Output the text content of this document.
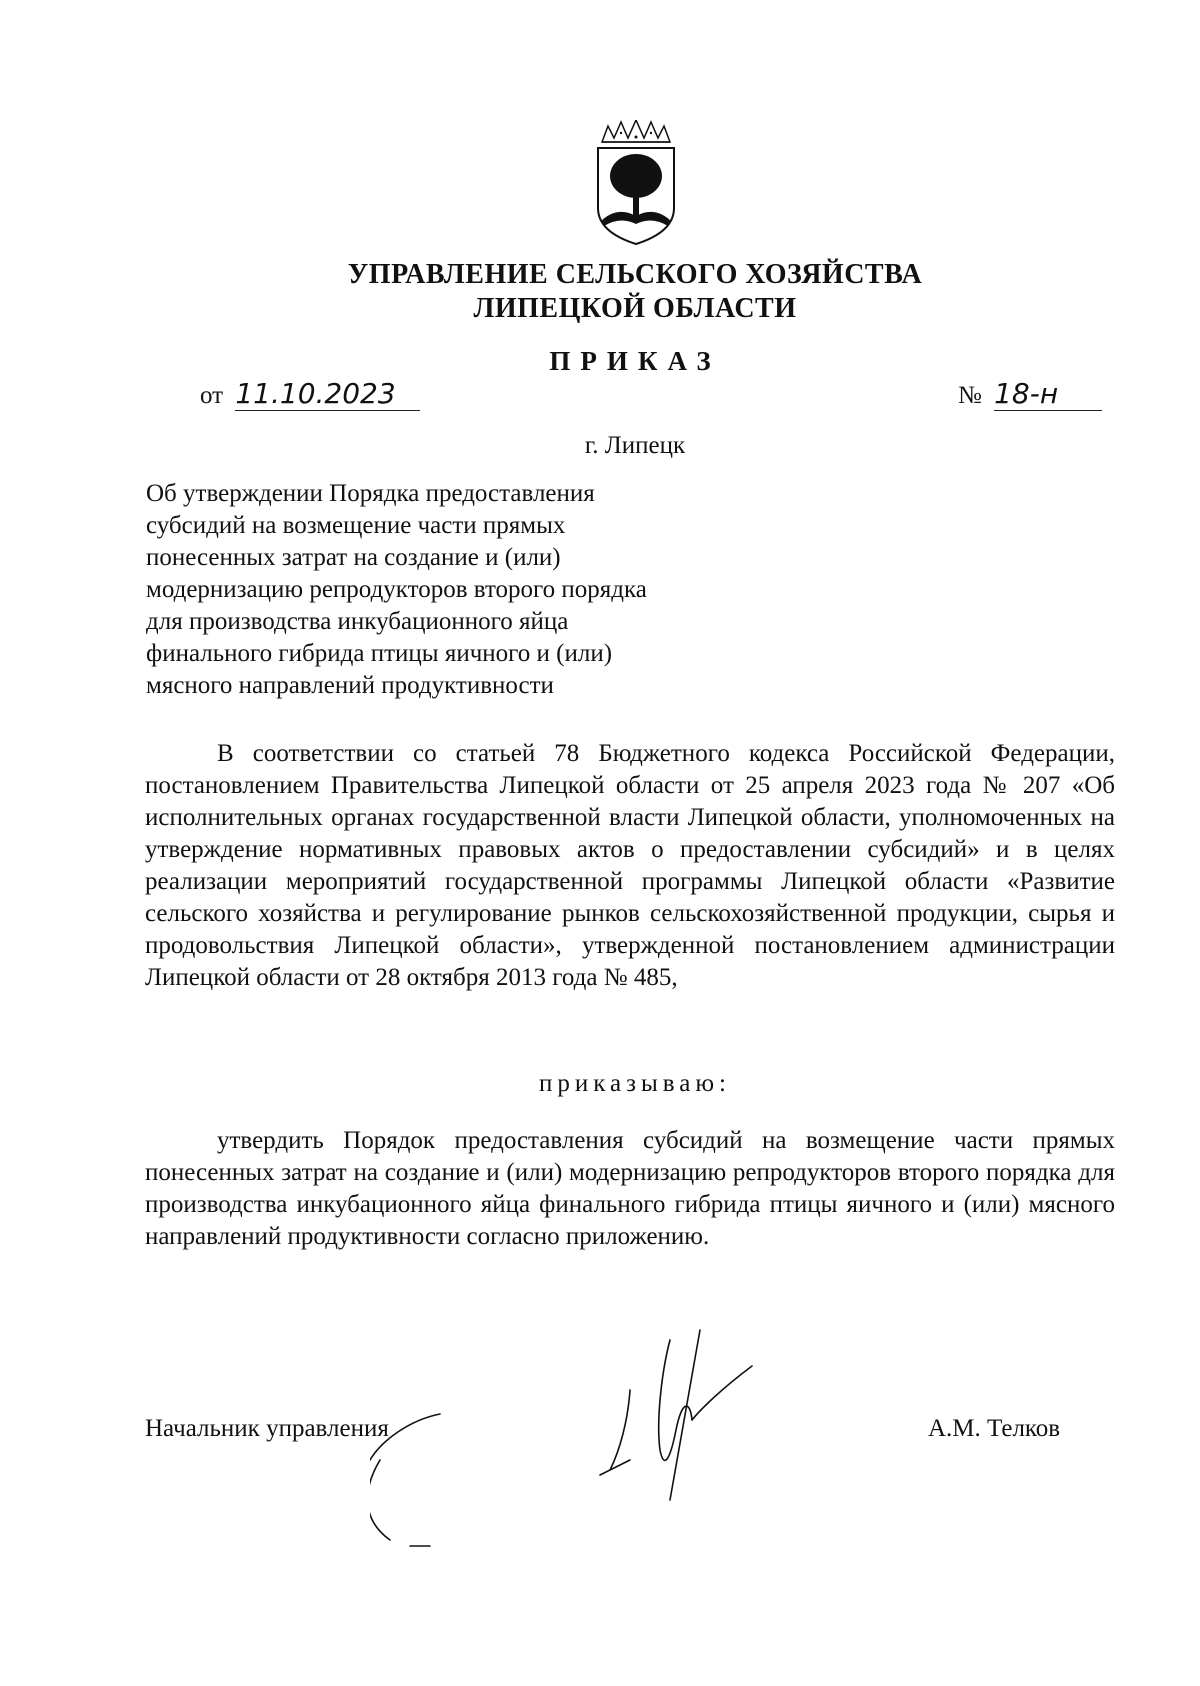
УПРАВЛЕНИЕ СЕЛЬСКОГО ХОЗЯЙСТВА
ЛИПЕЦКОЙ ОБЛАСТИ
ПРИКАЗ
от 11.10.2023	№ 18-н
г. Липецк
Об утверждении Порядка предоставления
субсидий на возмещение части прямых
понесенных затрат на создание и (или)
модернизацию репродукторов второго порядка
для производства инкубационного яйца
финального гибрида птицы яичного и (или)
мясного направлений продуктивности
В соответствии со статьей 78 Бюджетного кодекса Российской Федерации, постановлением Правительства Липецкой области от 25 апреля 2023 года № 207 «Об исполнительных органах государственной власти Липецкой области, уполномоченных на утверждение нормативных правовых актов о предоставлении субсидий» и в целях реализации мероприятий государственной программы Липецкой области «Развитие сельского хозяйства и регулирование рынков сельскохозяйственной продукции, сырья и продовольствия Липецкой области», утвержденной постановлением администрации Липецкой области от 28 октября 2013 года № 485,
приказываю:
утвердить Порядок предоставления субсидий на возмещение части прямых понесенных затрат на создание и (или) модернизацию репродукторов второго порядка для производства инкубационного яйца финального гибрида птицы яичного и (или) мясного направлений продуктивности согласно приложению.
Начальник управления	А.М. Телков
